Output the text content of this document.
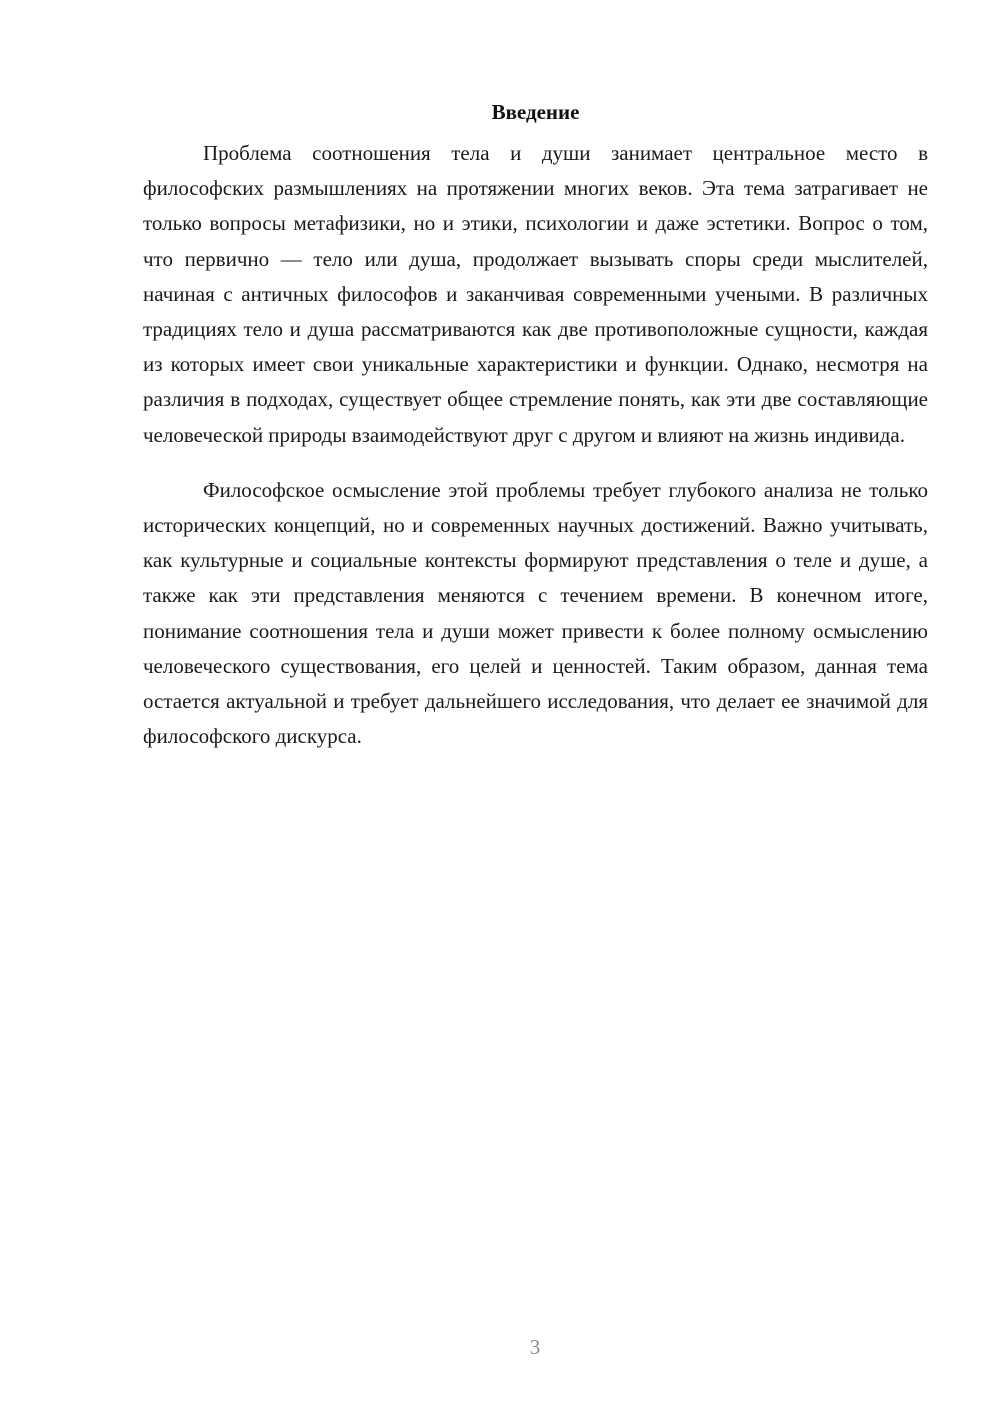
Введение

Проблема соотношения тела и души занимает центральное место в философских размышлениях на протяжении многих веков. Эта тема затрагивает не только вопросы метафизики, но и этики, психологии и даже эстетики. Вопрос о том, что первично — тело или душа, продолжает вызывать споры среди мыслителей, начиная с античных философов и заканчивая современными учеными. В различных традициях тело и душа рассматриваются как две противоположные сущности, каждая из которых имеет свои уникальные характеристики и функции. Однако, несмотря на различия в подходах, существует общее стремление понять, как эти две составляющие человеческой природы взаимодействуют друг с другом и влияют на жизнь индивида.

Философское осмысление этой проблемы требует глубокого анализа не только исторических концепций, но и современных научных достижений. Важно учитывать, как культурные и социальные контексты формируют представления о теле и душе, а также как эти представления меняются с течением времени. В конечном итоге, понимание соотношения тела и души может привести к более полному осмыслению человеческого существования, его целей и ценностей. Таким образом, данная тема остается актуальной и требует дальнейшего исследования, что делает ее значимой для философского дискурса.

3
